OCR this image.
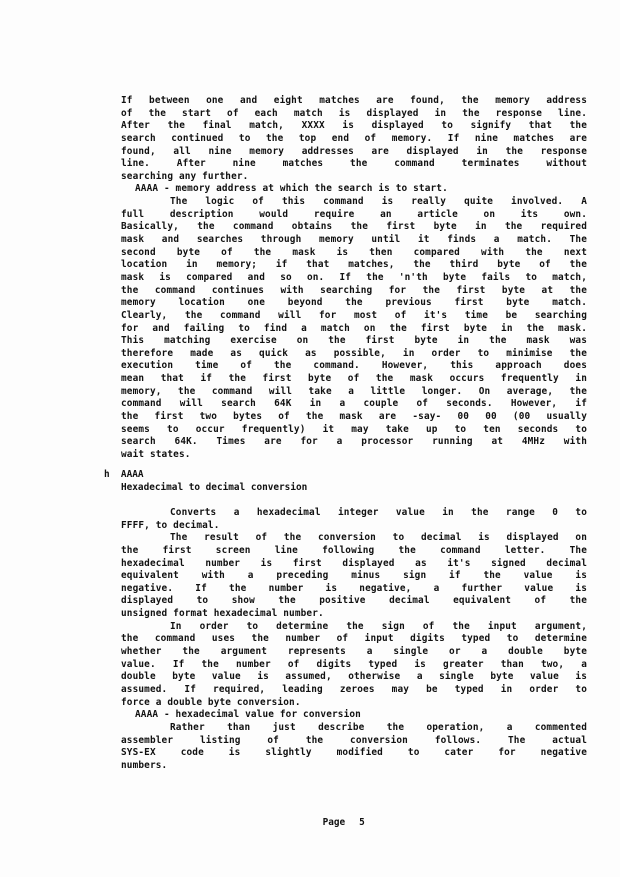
If between one and eight matches are found, the memory address
of the start of each match is displayed in the response line.
After the final match, XXXX is displayed to signify that the
search continued to the top end of memory. If nine matches are
found, all nine memory addresses are displayed in the response
line. After nine matches the command terminates without
searching any further.
AAAA - memory address at which the search is to start.
The logic of this command is really quite involved. A
full description would require an article on its own.
Basically, the command obtains the first byte in the required
mask and searches through memory until it finds a match. The
second byte of the mask is then compared with the next
location in memory; if that matches, the third byte of the
mask is compared and so on. If the 'n'th byte fails to match,
the command continues with searching for the first byte at the
memory location one beyond the previous first byte match.
Clearly, the command will for most of it's time be searching
for and failing to find a match on the first byte in the mask.
This matching exercise on the first byte in the mask was
therefore made as quick as possible, in order to minimise the
execution time of the command. However, this approach does
mean that if the first byte of the mask occurs frequently in
memory, the command will take a little longer. On average, the
command will search 64K in a couple of seconds. However, if
the first two bytes of the mask are -say- 00 00 (00 usually
seems to occur frequently) it may take up to ten seconds to
search 64K. Times are for a processor running at 4MHz with
wait states.
h  AAAA
Hexadecimal to decimal conversion
Converts a hexadecimal integer value in the range 0 to
FFFF, to decimal.
The result of the conversion to decimal is displayed on
the first screen line following the command letter. The
hexadecimal number is first displayed as it's signed decimal
equivalent with a preceding minus sign if the value is
negative. If the number is negative, a further value is
displayed to show the positive decimal equivalent of the
unsigned format hexadecimal number.
In order to determine the sign of the input argument,
the command uses the number of input digits typed to determine
whether the argument represents a single or a double byte
value. If the number of digits typed is greater than two, a
double byte value is assumed, otherwise a single byte value is
assumed. If required, leading zeroes may be typed in order to
force a double byte conversion.
AAAA - hexadecimal value for conversion
Rather than just describe the operation, a commented
assembler listing of the conversion follows. The actual
SYS-EX code is slightly modified to cater for negative
numbers.

Page 5
